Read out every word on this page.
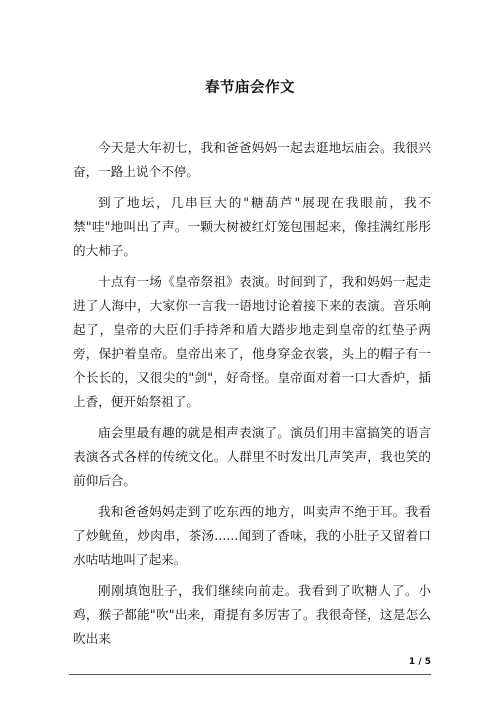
春节庙会作文

今天是大年初七，我和爸爸妈妈一起去逛地坛庙会。我很兴奋，一路上说个不停。

到了地坛，几串巨大的"糖葫芦"展现在我眼前，我不禁"哇"地叫出了声。一颗大树被红灯笼包围起来，像挂满红彤彤的大柿子。

十点有一场《皇帝祭祖》表演。时间到了，我和妈妈一起走进了人海中，大家你一言我一语地讨论着接下来的表演。音乐响起了，皇帝的大臣们手持斧和盾大踏步地走到皇帝的红垫子两旁，保护着皇帝。皇帝出来了，他身穿金衣裳，头上的帽子有一个长长的，又很尖的"剑"，好奇怪。皇帝面对着一口大香炉，插上香，便开始祭祖了。

庙会里最有趣的就是相声表演了。演员们用丰富搞笑的语言表演各式各样的传统文化。人群里不时发出几声笑声，我也笑的前仰后合。

我和爸爸妈妈走到了吃东西的地方，叫卖声不绝于耳。我看了炒鱿鱼，炒肉串，茶汤......闻到了香味，我的小肚子又留着口水咕咕地叫了起来。

刚刚填饱肚子，我们继续向前走。我看到了吹糖人了。小鸡，猴子都能"吹"出来，甭提有多厉害了。我很奇怪，这是怎么吹出来

1 / 5
